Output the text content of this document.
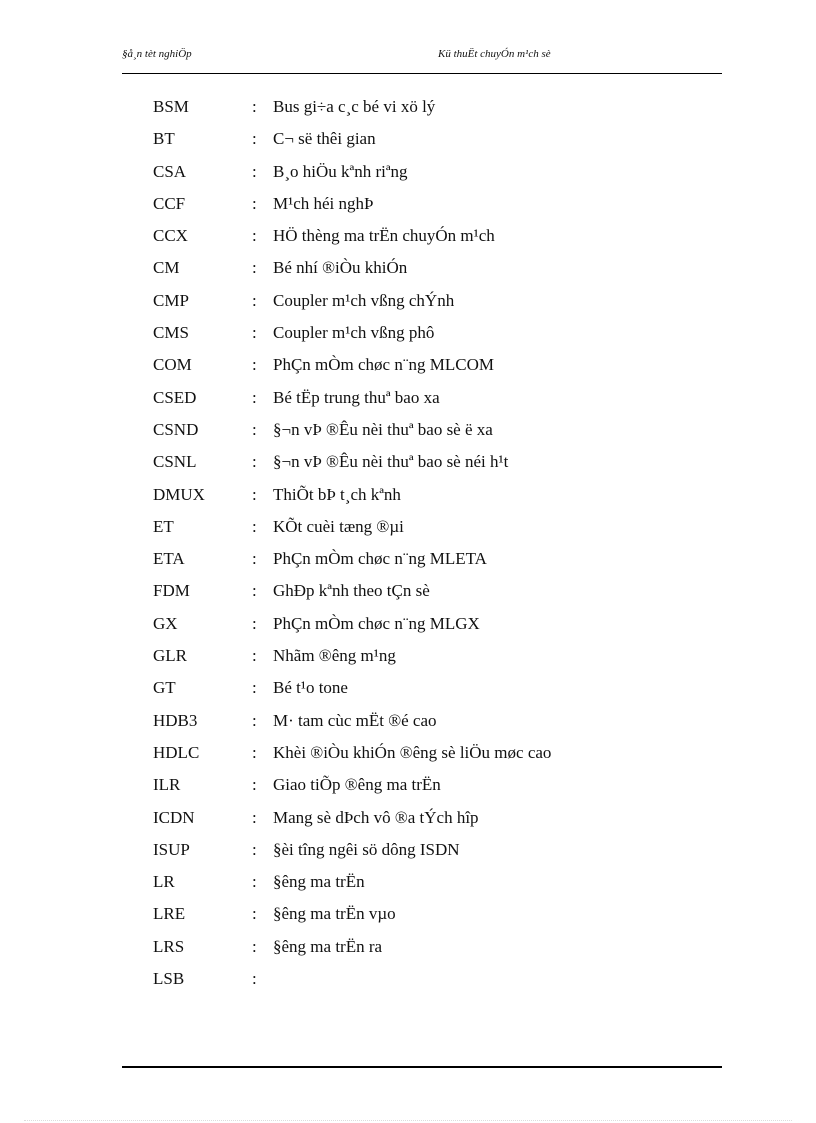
§å¸n tèt nghiÖp	Kü thuËt chuyÓn m¹ch sè
BSM	: Bus gi÷a c¸c bé vi xö lý
BT	: C¬ së thêi gian
CSA	: B¸o hiÖu kªnh riªng
CCF	: M¹ch héi nghÞ
CCX	: HÖ thèng ma trËn chuyÓn m¹ch
CM	: Bé nhí ®iÒu khiÓn
CMP	: Coupler m¹ch vßng chÝnh
CMS	: Coupler m¹ch vßng phô
COM	: PhÇn mÒm chøc n¨ng MLCOM
CSED	: Bé tËp trung thuª bao xa
CSND	: §¬n vÞ ®Êu nèi thuª bao sè ë xa
CSNL	: §¬n vÞ ®Êu nèi thuª bao sè néi h¹t
DMUX	: ThiÕt bÞ t¸ch kªnh
ET	: KÕt cuèi tæng ®µi
ETA	: PhÇn mÒm chøc n¨ng MLETA
FDM	: GhÐp kªnh theo tÇn sè
GX	: PhÇn mÒm chøc n¨ng MLGX
GLR	: Nhãm ®êng m¹ng
GT	: Bé t¹o tone
HDB3	: M· tam cùc mËt ®é cao
HDLC	: Khèi ®iÒu khiÓn ®êng sè liÖu møc cao
ILR	: Giao tiÕp ®êng ma trËn
ICDN	: Mang sè dÞch vô ®a tÝch hîp
ISUP	: §èi tîng ngêi sö dông ISDN
LR	: §êng ma trËn
LRE	: §êng ma trËn vµo
LRS	: §êng ma trËn ra
LSB	:
